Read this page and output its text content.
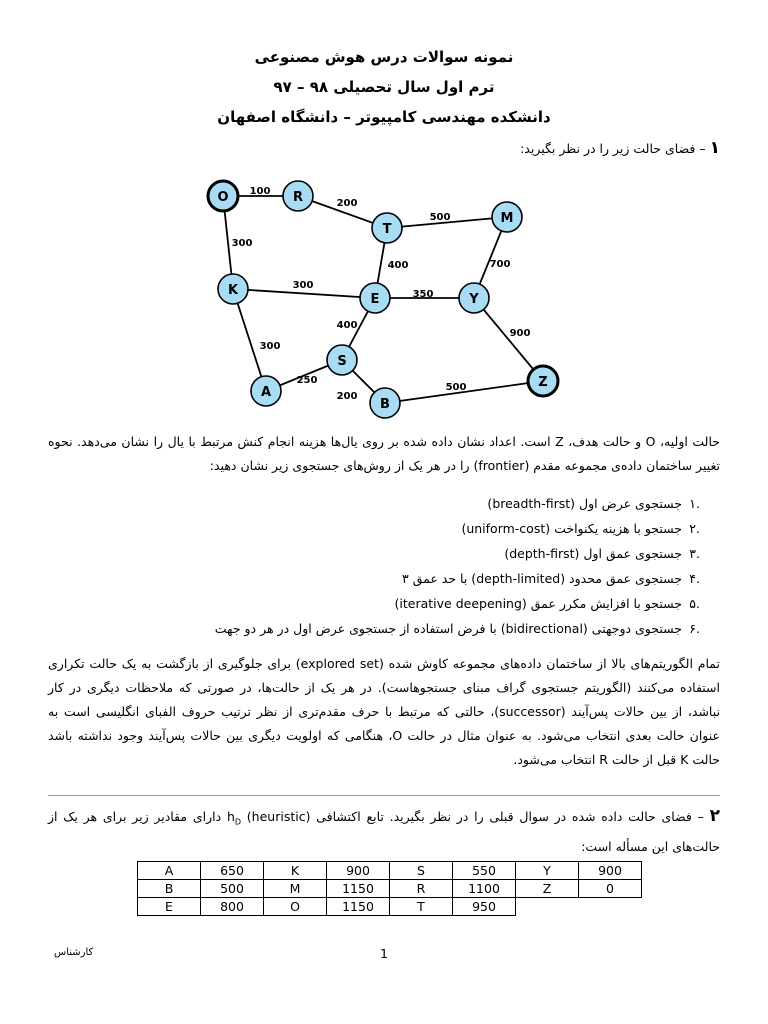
نمونه سوالات درس هوش مصنوعی
ترم اول سال تحصیلی ۹۸ – ۹۷
دانشکده مهندسی کامپیوتر – دانشگاه اصفهان
۱ – فضای حالت زیر را در نظر بگیرید:
100
200
500
300
400	700
300
350
300
400
900
250
200
500
O	R
T
M
K
E	Y
S
A
B
Z
حالت اولیه، O و حالت هدف، Z است. اعداد نشان داده شده بر روی یال‌ها هزینه انجام کنش مرتبط با یال را نشان می‌دهد. نحوه تغییر ساختمان داده‌ی مجموعه مقدم (frontier) را در هر یک از روش‌های جستجوی زیر نشان دهید:
.۱جستجوی عرض اول (breadth-first)
.۲جستجو با هزینه یکنواخت (uniform-cost)
.۳جستجوی عمق اول (depth-first)
.۴جستجوی عمق محدود (depth-limited) با حد عمق ۳
.۵جستجو با افزایش مکرر عمق (iterative deepening)
.۶جستجوی دوجهتی (bidirectional) با فرض استفاده از جستجوی عرض اول در هر دو جهت
تمام الگوریتم‌های بالا از ساختمان داده‌های مجموعه کاوش شده (explored set) برای جلوگیری از بازگشت به یک حالت تکراری استفاده می‌کنند (الگوریتم جستجوی گراف مبنای جستجوهاست). در هر یک از حالت‌ها، در صورتی که ملاحظات دیگری در کار نباشد، از بین حالات پس‌آیند (successor)، حالتی که مرتبط با حرف مقدم‌تری از نظر ترتیب حروف الفبای انگلیسی است به عنوان حالت بعدی انتخاب می‌شود. به عنوان مثال در حالت O، هنگامی که اولویت دیگری بین حالات پس‌آیند وجود نداشته باشد حالت K قبل از حالت R انتخاب می‌شود.
۲ – فضای حالت داده شده در سوال قبلی را در نظر بگیرید. تابع اکتشافی (heuristic) $h_D$ دارای مقادیر زیر برای هر یک از حالت‌های این مسأله است:
A	650	K	900	S	550	Y	900
B	500	M	1150	R	1100	Z	0
E	800	O	1150	T	950		
کارشناس	1
